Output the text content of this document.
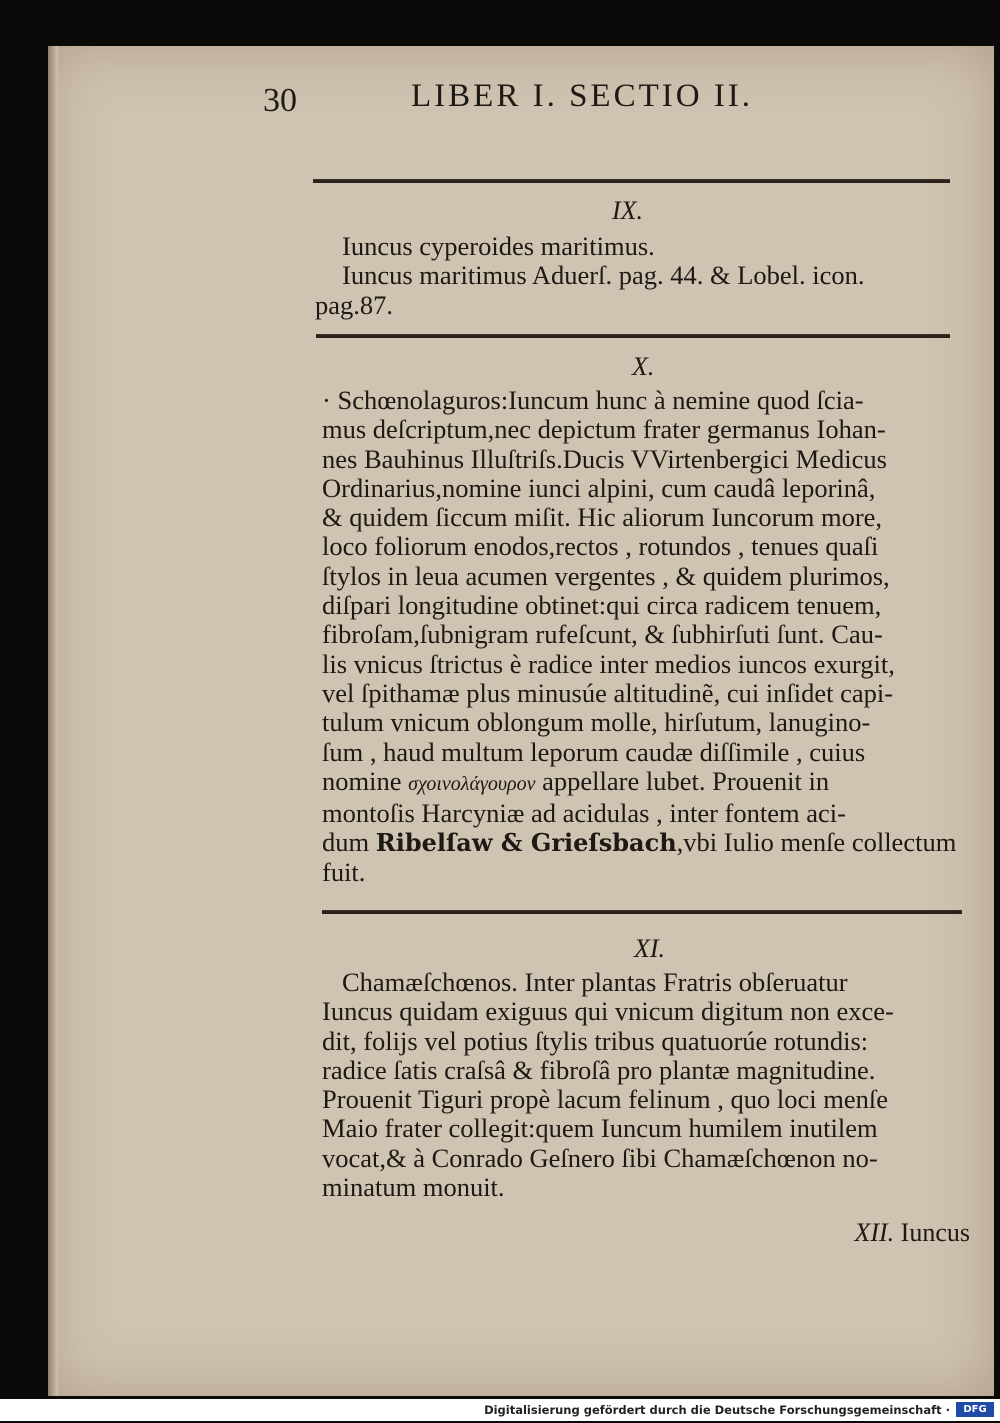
30	LIBER I. SECTIO II.
IX.
Iuncus cyperoides maritimus.
Iuncus maritimus Aduerſ. pag. 44. & Lobel. icon.
pag.87.
X.
· Schœnolaguros:Iuncum hunc à nemine quod ſcia-
mus deſcriptum,nec depictum frater germanus Iohan-
nes Bauhinus Illuſtriſs.Ducis VVirtenbergici Medicus
Ordinarius,nomine iunci alpini, cum caudâ leporinâ,
& quidem ſiccum miſit. Hic aliorum Iuncorum more,
loco foliorum enodos,rectos , rotundos , tenues quaſi
ſtylos in leua acumen vergentes , & quidem plurimos,
diſpari longitudine obtinet:qui circa radicem tenuem,
fibroſam,ſubnigram rufeſcunt, & ſubhirſuti ſunt. Cau-
lis vnicus ſtrictus è radice inter medios iuncos exurgit,
vel ſpithamæ plus minusúe altitudinẽ, cui inſidet capi-
tulum vnicum oblongum molle, hirſutum, lanugino-
ſum , haud multum leporum caudæ diſſimile , cuius
nomine σχοινολάγουρον appellare lubet. Prouenit in
montoſis Harcyniæ ad acidulas , inter fontem aci-
dum Ribelſaw & Grieſsbach,vbi Iulio menſe collectum
fuit.
XI.
Chamæſchœnos. Inter plantas Fratris obſeruatur
Iuncus quidam exiguus qui vnicum digitum non exce-
dit, folijs vel potius ſtylis tribus quatuorúe rotundis:
radice ſatis craſsâ & fibroſâ pro plantæ magnitudine.
Prouenit Tiguri propè lacum felinum , quo loci menſe
Maio frater collegit:quem Iuncum humilem inutilem
vocat,& à Conrado Geſnero ſibi Chamæſchœnon no-
minatum monuit.
XII. Iuncus
Digitalisierung gefördert durch die Deutsche Forschungsgemeinschaft ·	DFG
